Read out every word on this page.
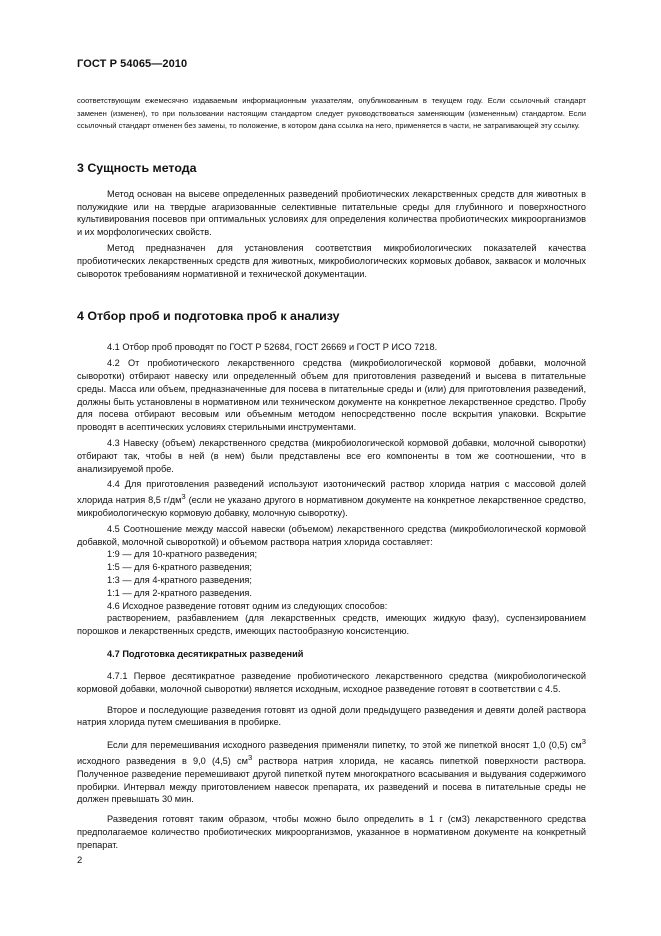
ГОСТ Р 54065—2010

соответствующим ежемесячно издаваемым информационным указателям, опубликованным в текущем году. Если ссылочный стандарт заменен (изменен), то при пользовании настоящим стандартом следует руководствоваться заменяющим (измененным) стандартом. Если ссылочный стандарт отменен без замены, то положение, в котором дана ссылка на него, применяется в части, не затрагивающей эту ссылку.

3 Сущность метода

Метод основан на высеве определенных разведений пробиотических лекарственных средств для животных в полужидкие или на твердые агаризованные селективные питательные среды для глубинного и поверхностного культивирования посевов при оптимальных условиях для определения количества пробиотических микроорганизмов и их морфологических свойств.

Метод предназначен для установления соответствия микробиологических показателей качества пробиотических лекарственных средств для животных, микробиологических кормовых добавок, заквасок и молочных сывороток требованиям нормативной и технической документации.

4 Отбор проб и подготовка проб к анализу

4.1 Отбор проб проводят по ГОСТ Р 52684, ГОСТ 26669 и ГОСТ Р ИСО 7218.

4.2 От пробиотического лекарственного средства (микробиологической кормовой добавки, молочной сыворотки) отбирают навеску или определенный объем для приготовления разведений и высева в питательные среды. Масса или объем, предназначенные для посева в питательные среды и (или) для приготовления разведений, должны быть установлены в нормативном или техническом документе на конкретное лекарственное средство. Пробу для посева отбирают весовым или объемным методом непосредственно после вскрытия упаковки. Вскрытие проводят в асептических условиях стерильными инструментами.

4.3 Навеску (объем) лекарственного средства (микробиологической кормовой добавки, молочной сыворотки) отбирают так, чтобы в ней (в нем) были представлены все его компоненты в том же соотношении, что в анализируемой пробе.

4.4 Для приготовления разведений используют изотонический раствор хлорида натрия с массовой долей хлорида натрия 8,5 $г/дм^3$ (если не указано другого в нормативном документе на конкретное лекарственное средство, микробиологическую кормовую добавку, молочную сыворотку).

4.5 Соотношение между массой навески (объемом) лекарственного средства (микробиологической кормовой добавкой, молочной сывороткой) и объемом раствора натрия хлорида составляет:

1:9 — для 10-кратного разведения;

1:5 — для 6-кратного разведения;

1:3 — для 4-кратного разведения;

1:1 — для 2-кратного разведения.

4.6 Исходное разведение готовят одним из следующих способов:

растворением, разбавлением (для лекарственных средств, имеющих жидкую фазу), суспензированием порошков и лекарственных средств, имеющих пастообразную консистенцию.

4.7 Подготовка десятикратных разведений

4.7.1 Первое десятикратное разведение пробиотического лекарственного средства (микробиологической кормовой добавки, молочной сыворотки) является исходным, исходное разведение готовят в соответствии с 4.5.

Второе и последующие разведения готовят из одной доли предыдущего разведения и девяти долей раствора натрия хлорида путем смешивания в пробирке.

Если для перемешивания исходного разведения применяли пипетку, то этой же пипеткой вносят 1,0 (0,5) $см^3$ исходного разведения в 9,0 (4,5) $см^3$ раствора натрия хлорида, не касаясь пипеткой поверхности раствора. Полученное разведение перемешивают другой пипеткой путем многократного всасывания и выдувания содержимого пробирки. Интервал между приготовлением навесок препарата, их разведений и посева в питательные среды не должен превышать 30 мин.

Разведения готовят таким образом, чтобы можно было определить в 1 г (см3) лекарственного средства предполагаемое количество пробиотических микроорганизмов, указанное в нормативном документе на конкретный препарат.

2
